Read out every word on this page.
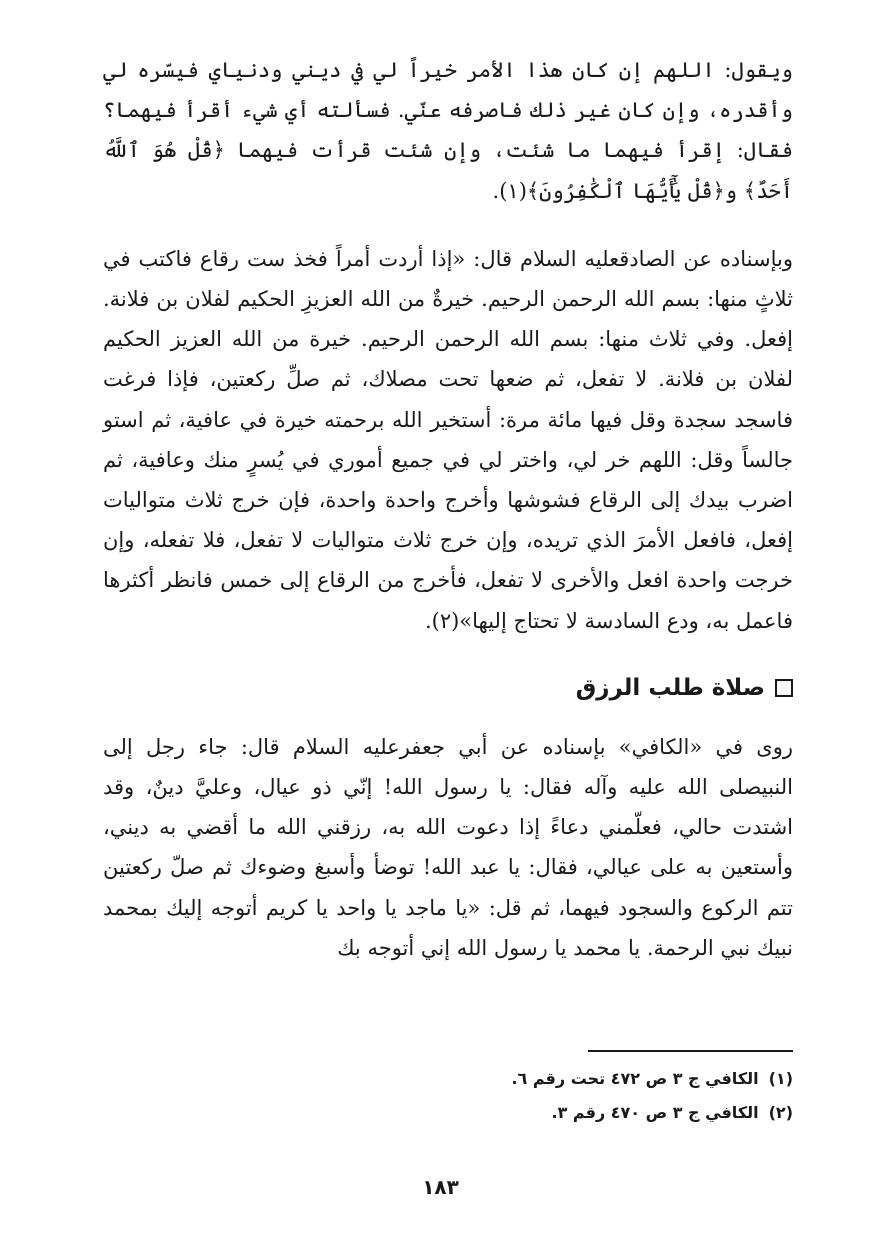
ويقول: اللهم إن كان هذا الأمر خيراً لي في ديني ودنياي فيسّره لي وأقدره، وإن كان غير ذلك فاصرفه عنّي. فسألته أي شيء أقرأ فيهما؟ فقال: إقرأ فيهما ما شئت، وإن شئت قرأت فيهما ﴿قُلْ هُوَ ٱللَّهُ أَحَدٌ﴾ و﴿قُلْ يَٰٓأَيُّهَا ٱلْكَٰفِرُونَ﴾(١).

وبإسناده عن الصادقعليه السلام قال: «إذا أردت أمراً فخذ ست رقاع فاكتب في ثلاثٍ منها: بسم الله الرحمن الرحيم. خيرةٌ من الله العزيزِ الحكيم لفلان بن فلانة. إفعل. وفي ثلاث منها: بسم الله الرحمن الرحيم. خيرة من الله العزيز الحكيم لفلان بن فلانة. لا تفعل، ثم ضعها تحت مصلاك، ثم صلِّ ركعتين، فإذا فرغت فاسجد سجدة وقل فيها مائة مرة: أستخير الله برحمته خيرة في عافية، ثم استو جالساً وقل: اللهم خر لي، واختر لي في جميع أموري في يُسرٍ منك وعافية، ثم اضرب بيدك إلى الرقاع فشوشها وأخرج واحدة واحدة، فإن خرج ثلاث متواليات إفعل، فافعل الأمرَ الذي تريده، وإن خرج ثلاث متواليات لا تفعل، فلا تفعله، وإن خرجت واحدة افعل والأخرى لا تفعل، فأخرج من الرقاع إلى خمس فانظر أكثرها فاعمل به، ودع السادسة لا تحتاج إليها»(٢).

صلاة طلب الرزق

روى في «الكافي» بإسناده عن أبي جعفرعليه السلام قال: جاء رجل إلى النبيصلى الله عليه وآله فقال: يا رسول الله! إنّي ذو عيال، وعليَّ دينٌ، وقد اشتدت حالي، فعلّمني دعاءً إذا دعوت الله به، رزقني الله ما أقضي به ديني، وأستعين به على عيالي، فقال: يا عبد الله! توضأ وأسبغ وضوءك ثم صلّ ركعتين تتم الركوع والسجود فيهما، ثم قل: «يا ماجد يا واحد يا كريم أتوجه إليك بمحمد نبيك نبي الرحمة. يا محمد يا رسول الله إني أتوجه بك

(١)
الكافي ج ٣ ص ٤٧٢ تحت رقم ٦.
(٢)
الكافي ج ٣ ص ٤٧٠ رقم ٣.
١٨٣
